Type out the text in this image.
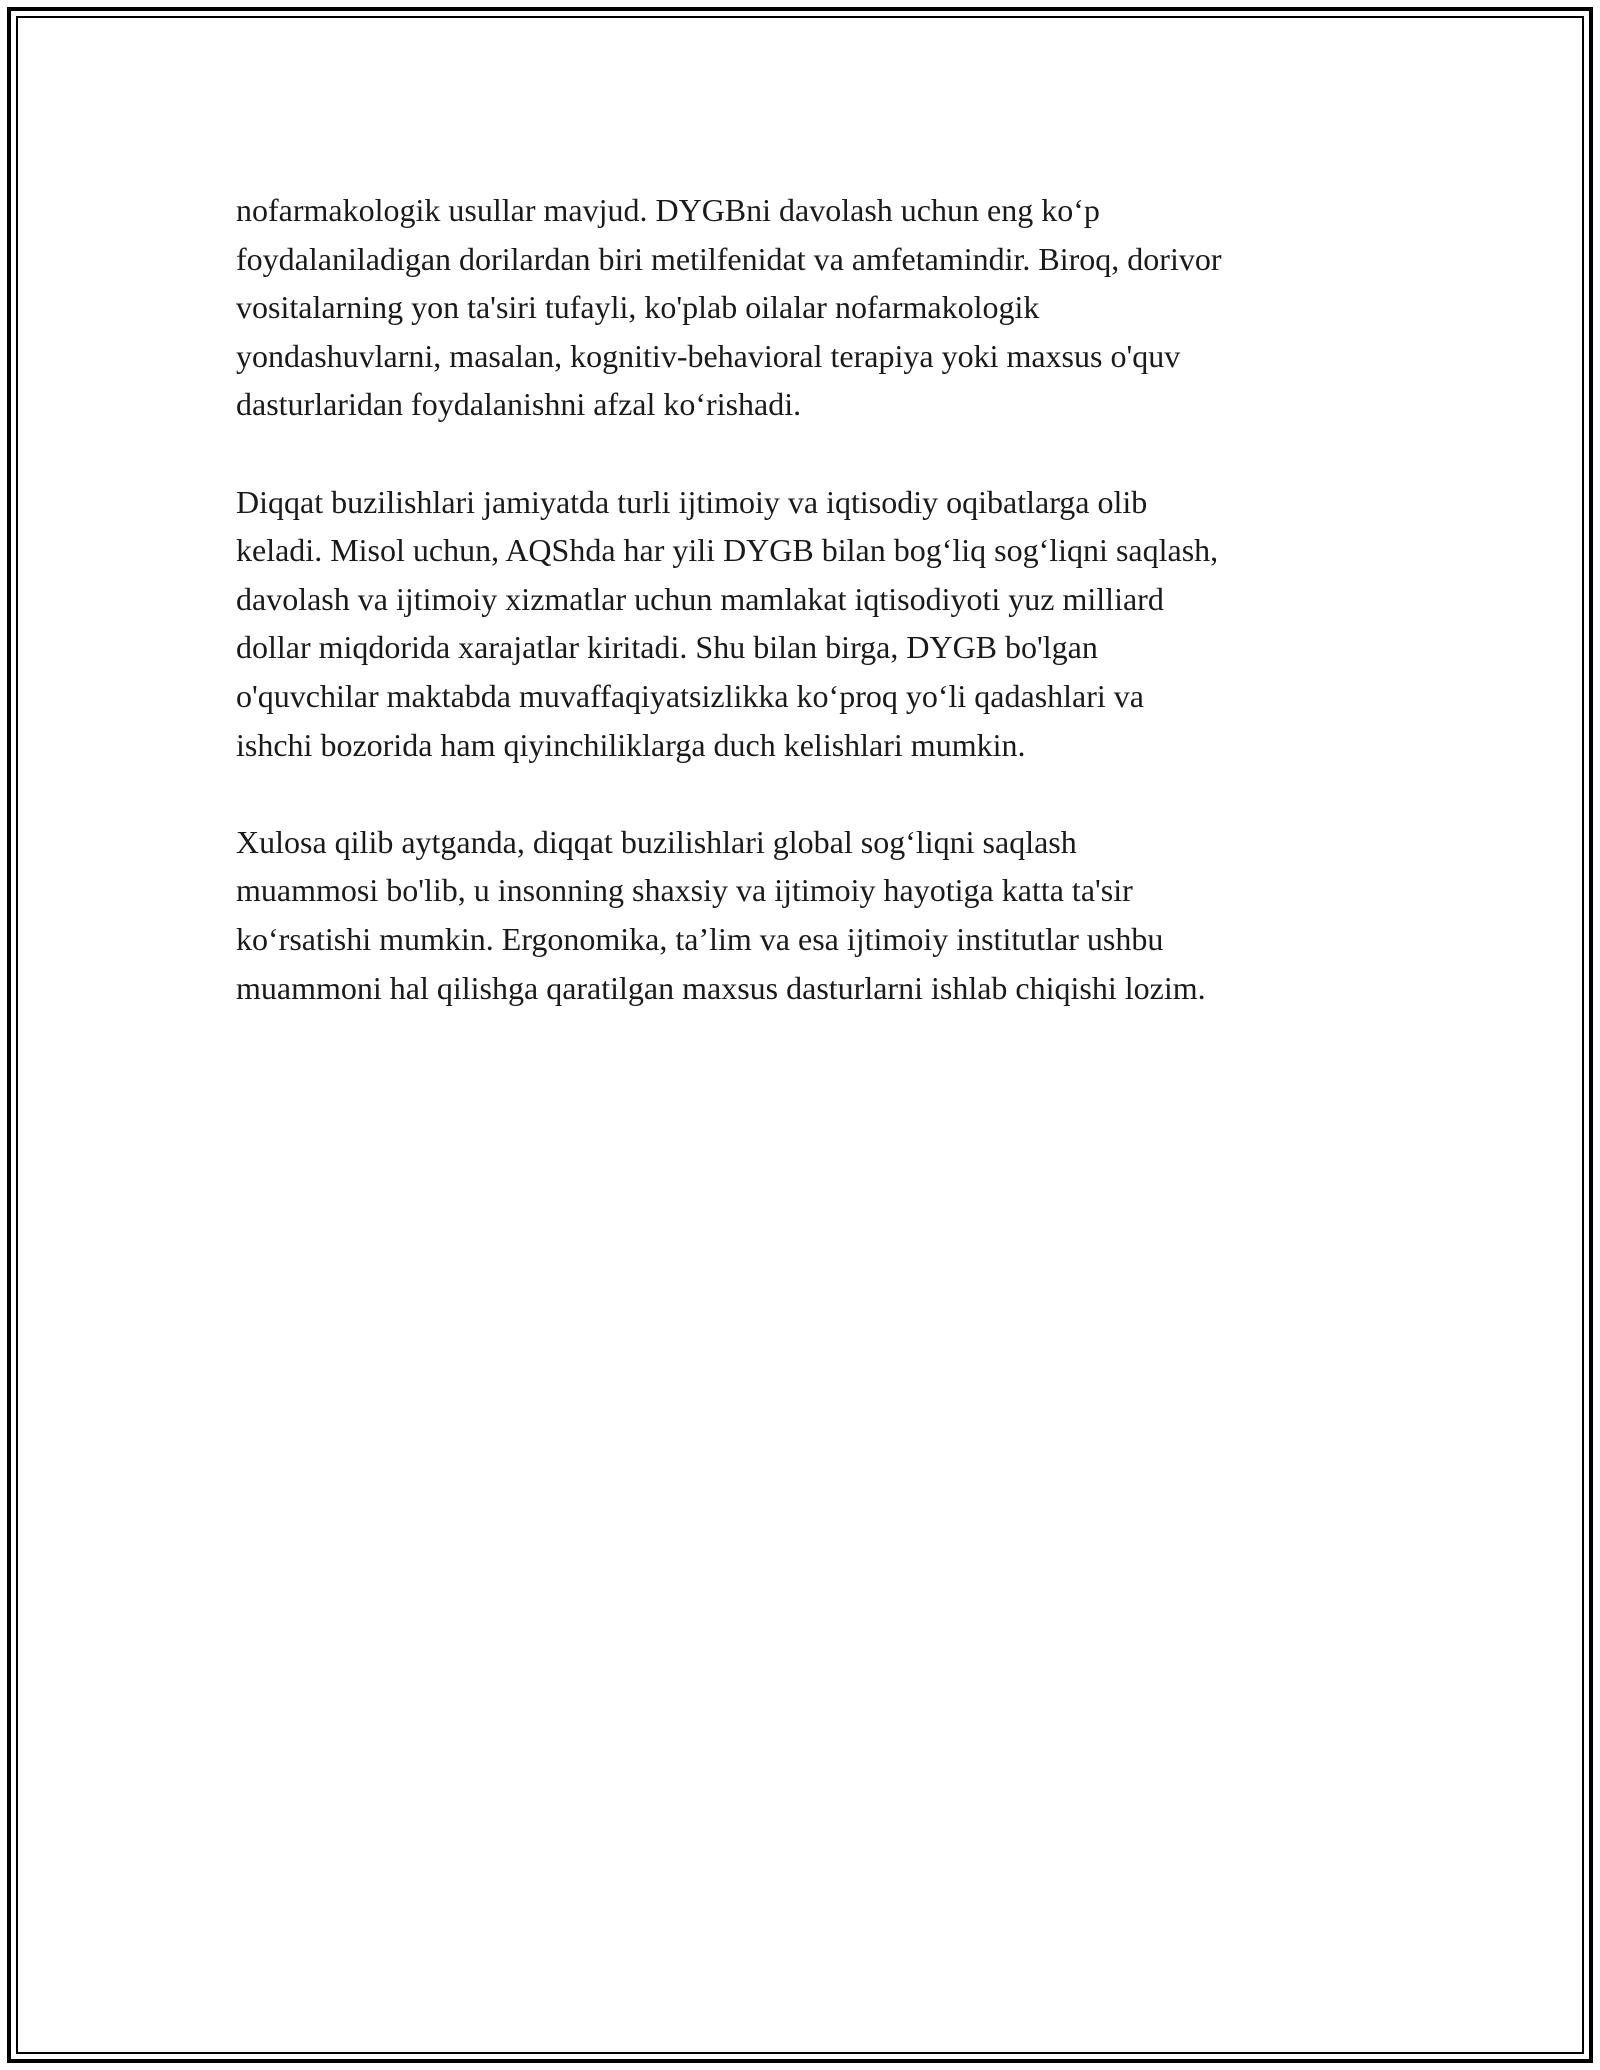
nofarmakologik usullar mavjud. DYGBni davolash uchun eng koʻp
foydalaniladigan dorilardan biri metilfenidat va amfetamindir. Biroq, dorivor
vositalarning yon ta'siri tufayli, ko'plab oilalar nofarmakologik
yondashuvlarni, masalan, kognitiv-behavioral terapiya yoki maxsus o'quv
dasturlaridan foydalanishni afzal koʻrishadi.

Diqqat buzilishlari jamiyatda turli ijtimoiy va iqtisodiy oqibatlarga olib
keladi. Misol uchun, AQShda har yili DYGB bilan bogʻliq sogʻliqni saqlash,
davolash va ijtimoiy xizmatlar uchun mamlakat iqtisodiyoti yuz milliard
dollar miqdorida xarajatlar kiritadi. Shu bilan birga, DYGB bo'lgan
o'quvchilar maktabda muvaffaqiyatsizlikka koʻproq yoʻli qadashlari va
ishchi bozorida ham qiyinchiliklarga duch kelishlari mumkin.

Xulosa qilib aytganda, diqqat buzilishlari global sogʻliqni saqlash
muammosi bo'lib, u insonning shaxsiy va ijtimoiy hayotiga katta ta'sir
koʻrsatishi mumkin. Ergonomika, ta’lim va esa ijtimoiy institutlar ushbu
muammoni hal qilishga qaratilgan maxsus dasturlarni ishlab chiqishi lozim.
